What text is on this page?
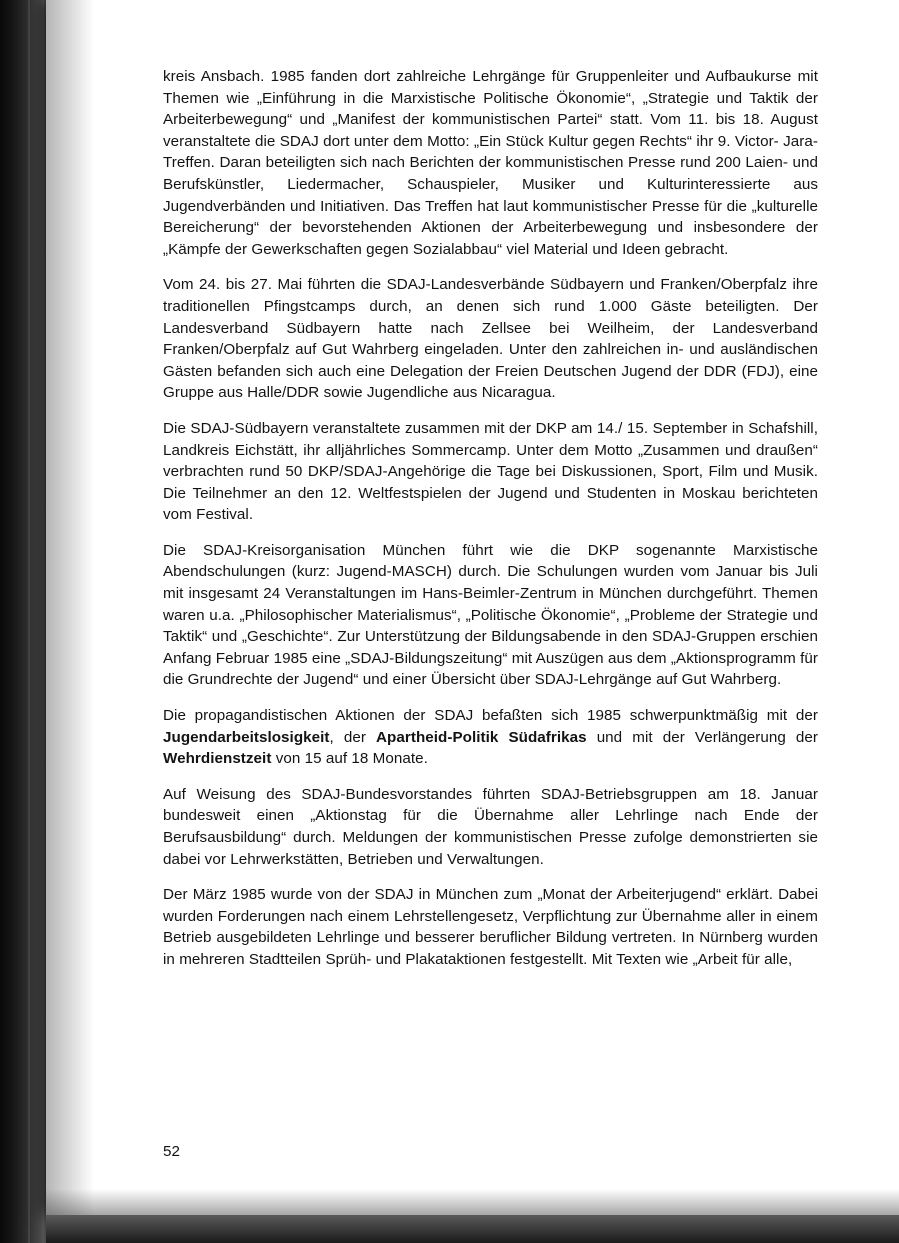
kreis Ansbach. 1985 fanden dort zahlreiche Lehrgänge für Gruppenleiter und Aufbaukurse mit Themen wie „Einführung in die Marxistische Politische Ökonomie“, „Strategie und Taktik der Arbeiterbewegung“ und „Manifest der kommunistischen Partei“ statt. Vom 11. bis 18. August veranstaltete die SDAJ dort unter dem Motto: „Ein Stück Kultur gegen Rechts“ ihr 9. Victor- Jara-Treffen. Daran beteiligten sich nach Berichten der kommunistischen Presse rund 200 Laien- und Berufskünstler, Liedermacher, Schauspieler, Musiker und Kulturinteressierte aus Jugendverbänden und Initiativen. Das Treffen hat laut kommunistischer Presse für die „kulturelle Bereicherung“ der bevorstehenden Aktionen der Arbeiterbewegung und insbesondere der „Kämpfe der Gewerkschaften gegen Sozialabbau“ viel Material und Ideen gebracht.

Vom 24. bis 27. Mai führten die SDAJ-Landesverbände Südbayern und Franken/Oberpfalz ihre traditionellen Pfingstcamps durch, an denen sich rund 1.000 Gäste beteiligten. Der Landesverband Südbayern hatte nach Zellsee bei Weilheim, der Landesverband Franken/Oberpfalz auf Gut Wahrberg eingeladen. Unter den zahlreichen in- und ausländischen Gästen befanden sich auch eine Delegation der Freien Deutschen Jugend der DDR (FDJ), eine Gruppe aus Halle/DDR sowie Jugendliche aus Nicaragua.

Die SDAJ-Südbayern veranstaltete zusammen mit der DKP am 14./ 15. September in Schafshill, Landkreis Eichstätt, ihr alljährliches Sommercamp. Unter dem Motto „Zusammen und draußen“ verbrachten rund 50 DKP/SDAJ-Angehörige die Tage bei Diskussionen, Sport, Film und Musik. Die Teilnehmer an den 12. Weltfestspielen der Jugend und Studenten in Moskau berichteten vom Festival.

Die SDAJ-Kreisorganisation München führt wie die DKP sogenannte Marxistische Abendschulungen (kurz: Jugend-MASCH) durch. Die Schulungen wurden vom Januar bis Juli mit insgesamt 24 Veranstaltungen im Hans-Beimler-Zentrum in München durchgeführt. Themen waren u.a. „Philosophischer Materialismus“, „Politische Ökonomie“, „Probleme der Strategie und Taktik“ und „Geschichte“. Zur Unterstützung der Bildungsabende in den SDAJ-Gruppen erschien Anfang Februar 1985 eine „SDAJ-Bildungszeitung“ mit Auszügen aus dem „Aktionsprogramm für die Grundrechte der Jugend“ und einer Übersicht über SDAJ-Lehrgänge auf Gut Wahrberg.

Die propagandistischen Aktionen der SDAJ befaßten sich 1985 schwerpunktmäßig mit der Jugendarbeitslosigkeit, der Apartheid-Politik Südafrikas und mit der Verlängerung der Wehrdienstzeit von 15 auf 18 Monate.

Auf Weisung des SDAJ-Bundesvorstandes führten SDAJ-Betriebsgruppen am 18. Januar bundesweit einen „Aktionstag für die Übernahme aller Lehrlinge nach Ende der Berufsausbildung“ durch. Meldungen der kommunistischen Presse zufolge demonstrierten sie dabei vor Lehrwerkstätten, Betrieben und Verwaltungen.

Der März 1985 wurde von der SDAJ in München zum „Monat der Arbeiterjugend“ erklärt. Dabei wurden Forderungen nach einem Lehrstellengesetz, Verpflichtung zur Übernahme aller in einem Betrieb ausgebildeten Lehrlinge und besserer beruflicher Bildung vertreten. In Nürnberg wurden in mehreren Stadtteilen Sprüh- und Plakataktionen festgestellt. Mit Texten wie „Arbeit für alle,

52
